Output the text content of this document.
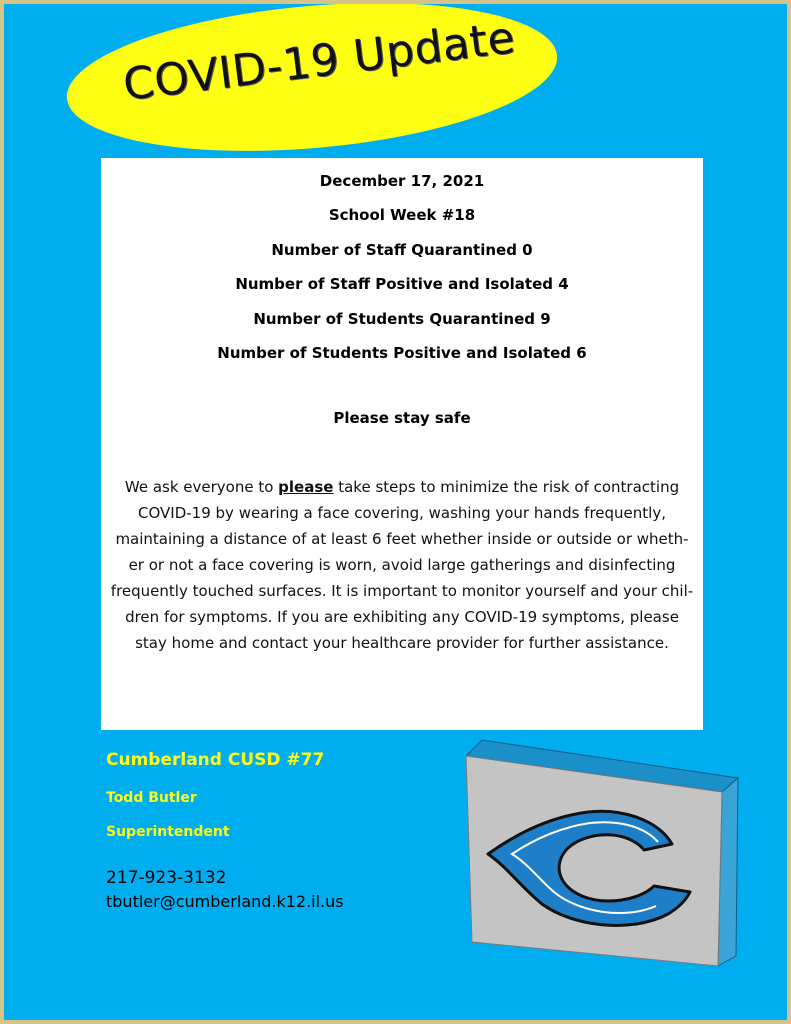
COVID-19 Update
December 17, 2021
School Week #18
Number of Staff Quarantined 0
Number of Staff Positive and Isolated 4
Number of Students Quarantined 9
Number of Students Positive and Isolated 6
Please stay safe
We ask everyone to please take steps to minimize the risk of contracting
COVID-19 by wearing a face covering, washing your hands frequently,
maintaining a distance of at least 6 feet whether inside or outside or wheth-
er or not a face covering is worn, avoid large gatherings and disinfecting
frequently touched surfaces. It is important to monitor yourself and your chil-
dren for symptoms. If you are exhibiting any COVID-19 symptoms, please
stay home and contact your healthcare provider for further assistance.
Cumberland CUSD #77
Todd Butler
Superintendent
217-923-3132
tbutler@cumberland.k12.il.us
